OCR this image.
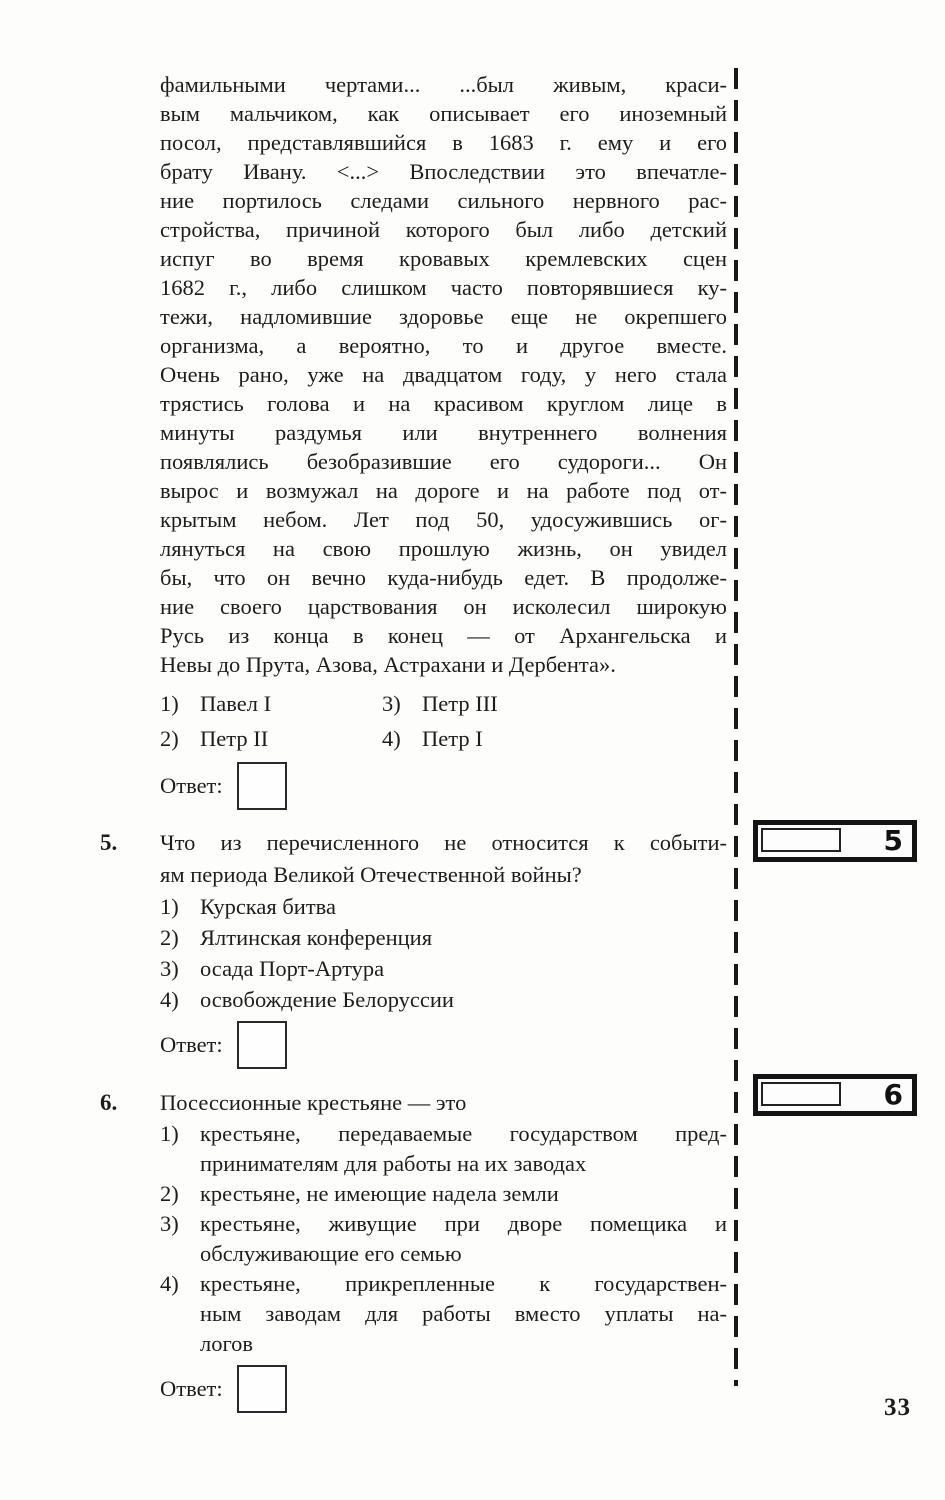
фамильными чертами... ...был живым, краси-
вым мальчиком, как описывает его иноземный
посол, представлявшийся в 1683 г. ему и его
брату Ивану. <...> Впоследствии это впечатле-
ние портилось следами сильного нервного рас-
стройства, причиной которого был либо детский
испуг во время кровавых кремлевских сцен
1682 г., либо слишком часто повторявшиеся ку-
тежи, надломившие здоровье еще не окрепшего
организма, а вероятно, то и другое вместе.
Очень рано, уже на двадцатом году, у него стала
трястись голова и на красивом круглом лице в
минуты раздумья или внутреннего волнения
появлялись безобразившие его судороги... Он
вырос и возмужал на дороге и на работе под от-
крытым небом. Лет под 50, удосужившись ог-
лянуться на свою прошлую жизнь, он увидел
бы, что он вечно куда-нибудь едет. В продолже-
ние своего царствования он исколесил широкую
Русь из конца в конец — от Архангельска и
Невы до Прута, Азова, Астрахани и Дербента».
1) Павел I	3) Петр III
2) Петр II	4) Петр I
Ответ:
5.	Что из перечисленного не относится к событи-
ям периода Великой Отечественной войны?
1) Курская битва
2) Ялтинская конференция
3) осада Порт-Артура
4) освобождение Белоруссии
Ответ:
6.	Посессионные крестьяне — это
1) крестьяне, передаваемые государством пред-
принимателям для работы на их заводах
2) крестьяне, не имеющие надела земли
3) крестьяне, живущие при дворе помещика и
обслуживающие его семью
4) крестьяне, прикрепленные к государствен-
ным заводам для работы вместо уплаты на-
логов
Ответ:
5
6
33
